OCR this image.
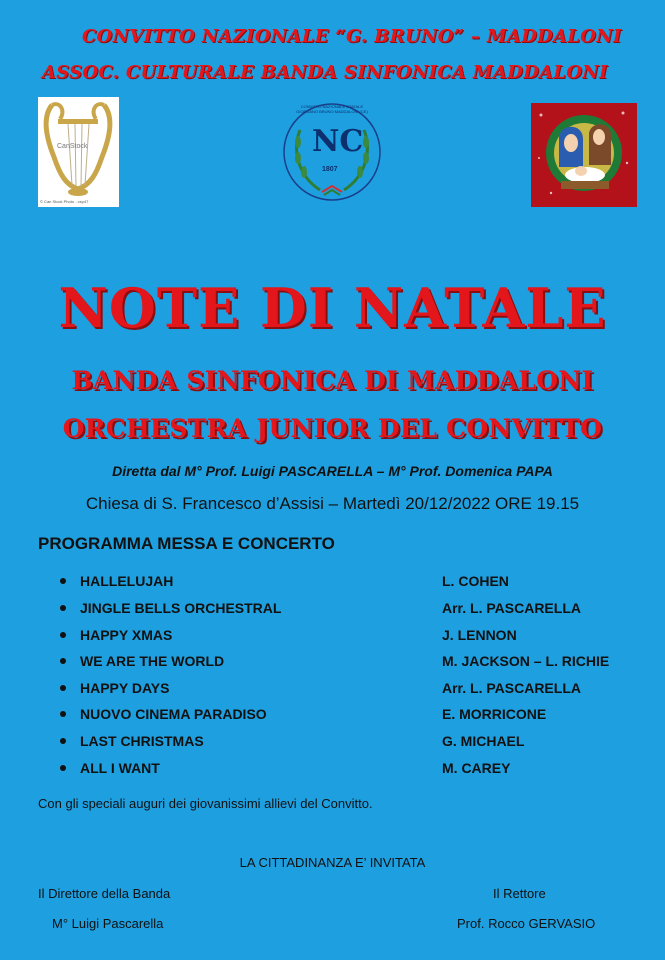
CONVITTO NAZIONALE “G. BRUNO” – MADDALONI
ASSOC. CULTURALE BANDA SINFONICA MADDALONI
CanStock
© Can Stock Photo - csp47
NC
1807
CONVITTO NAZIONALE STATALE GIORDANO BRUNO MADDALONI (CE)
NOTE DI NATALE
BANDA SINFONICA DI MADDALONI
ORCHESTRA JUNIOR DEL CONVITTO
Diretta dal M° Prof. Luigi PASCARELLA – M° Prof. Domenica PAPA
Chiesa di S. Francesco d’Assisi – Martedì 20/12/2022 ORE 19.15
PROGRAMMA MESSA E CONCERTO
HALLELUJAH	L. COHEN
JINGLE BELLS ORCHESTRAL	Arr. L. PASCARELLA
HAPPY XMAS	J. LENNON
WE ARE THE WORLD	M. JACKSON – L. RICHIE
HAPPY DAYS	Arr. L. PASCARELLA
NUOVO CINEMA PARADISO	E. MORRICONE
LAST CHRISTMAS	G. MICHAEL
ALL I WANT	M. CAREY
Con gli speciali auguri dei giovanissimi allievi del Convitto.
LA CITTADINANZA E’ INVITATA
Il Direttore della Banda
M° Luigi Pascarella
Il Rettore
Prof. Rocco GERVASIO
